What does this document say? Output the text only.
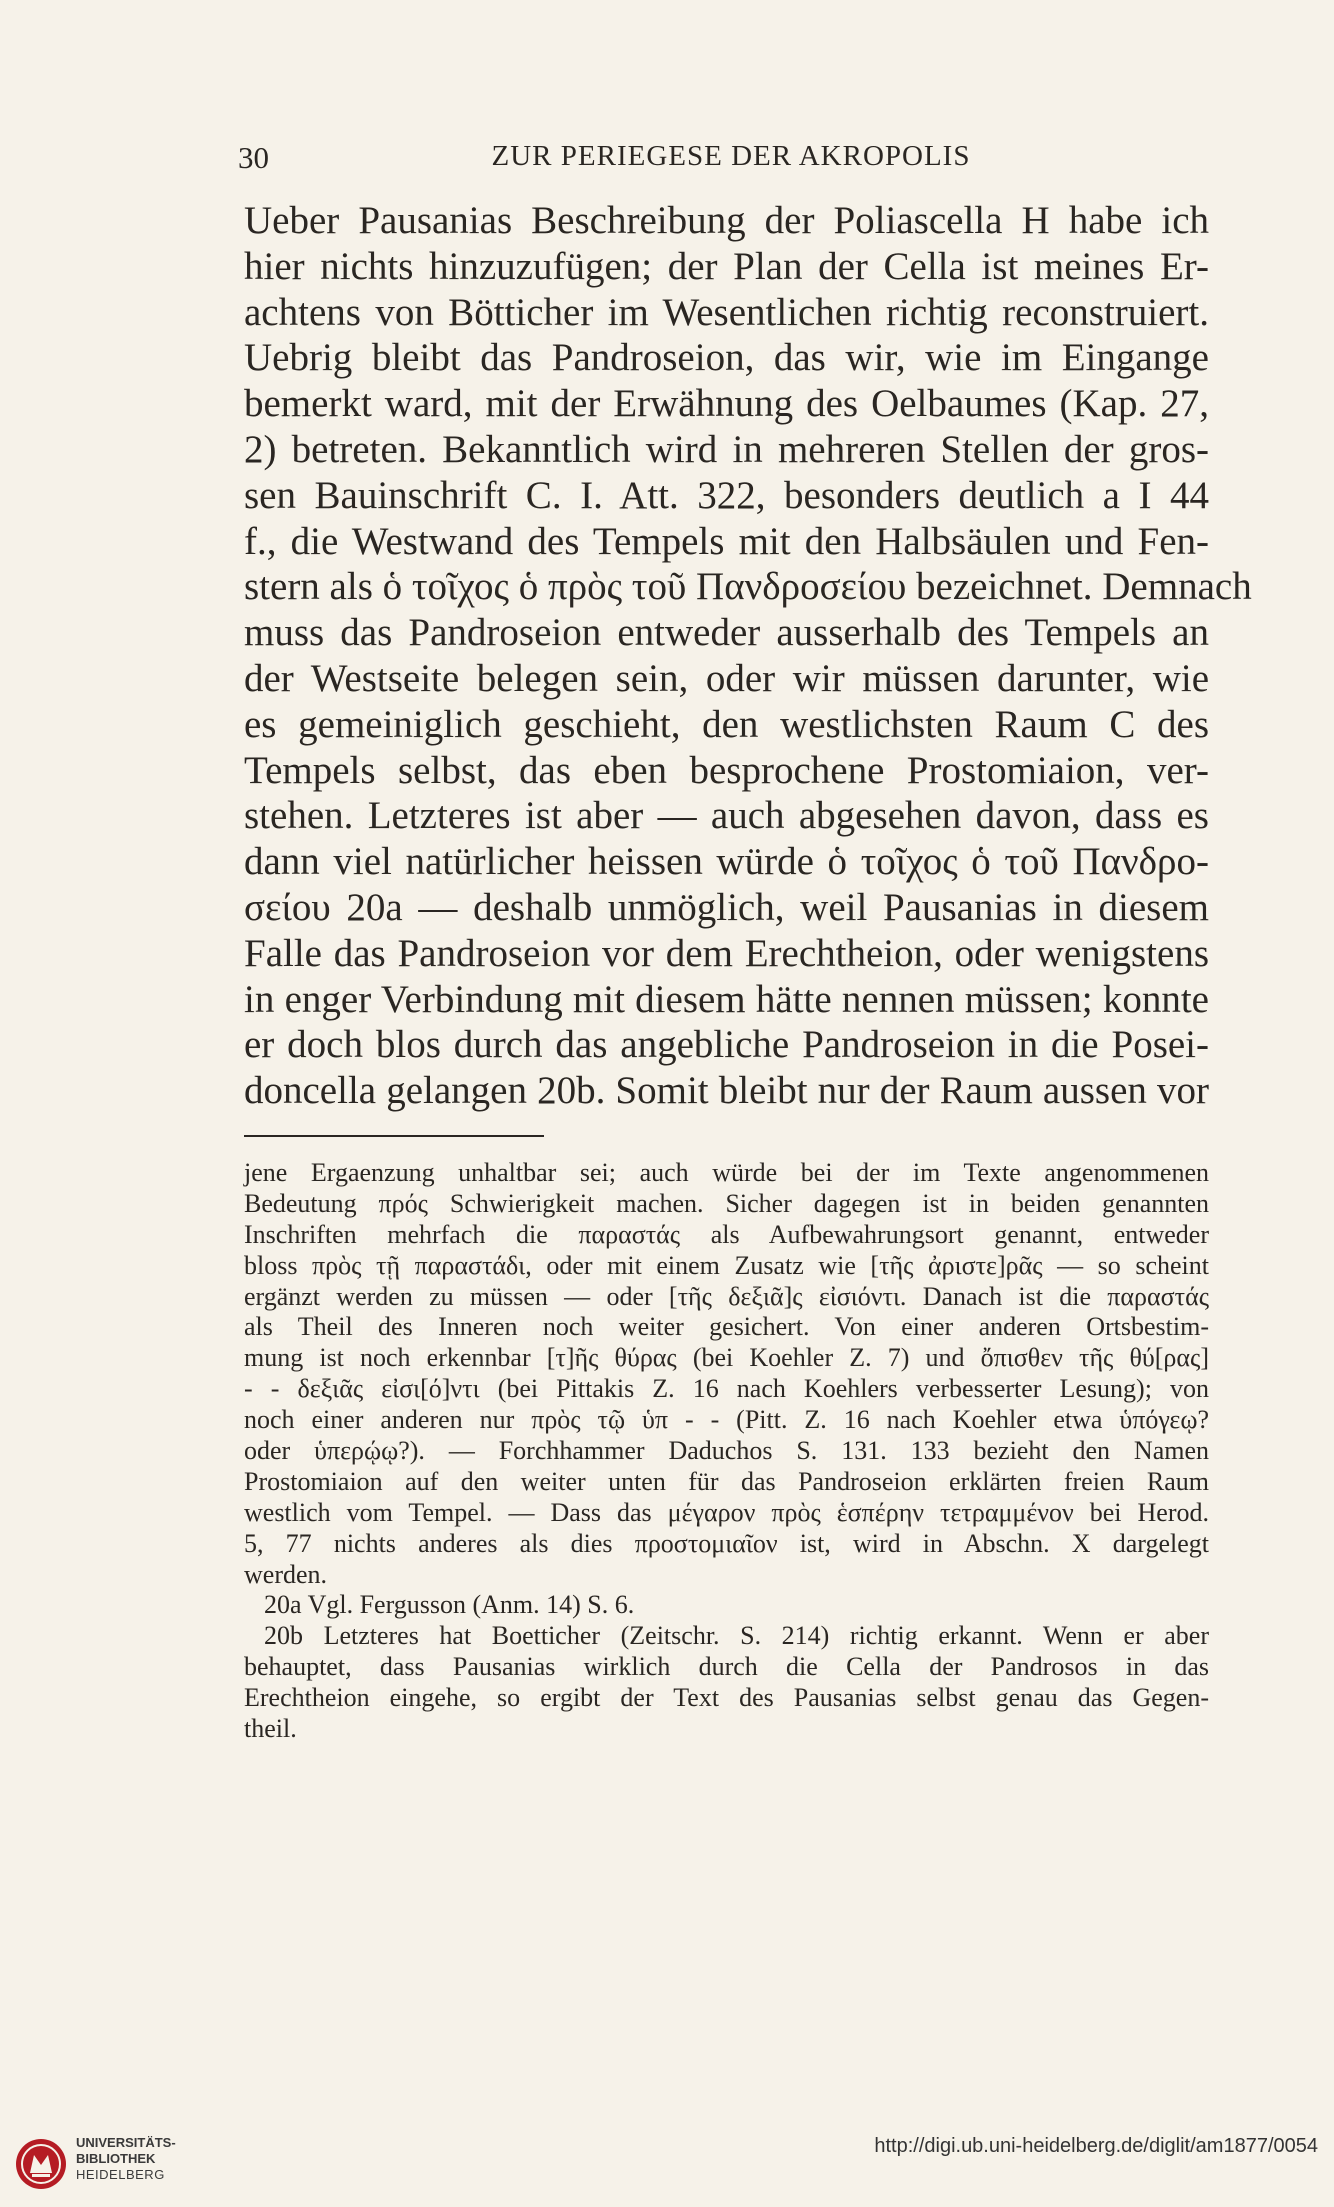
30	ZUR PERIEGESE DER AKROPOLIS
Ueber Pausanias Beschreibung der Poliascella H habe ich
hier nichts hinzuzufügen; der Plan der Cella ist meines Er-
achtens von Bötticher im Wesentlichen richtig reconstruiert.
Uebrig bleibt das Pandroseion, das wir, wie im Eingange
bemerkt ward, mit der Erwähnung des Oelbaumes (Kap. 27,
2) betreten. Bekanntlich wird in mehreren Stellen der gros-
sen Bauinschrift C. I. Att. 322, besonders deutlich a I 44
f., die Westwand des Tempels mit den Halbsäulen und Fen-
stern als ὁ τοῖχος ὁ πρὸς τοῦ Πανδροσείου bezeichnet. Demnach
muss das Pandroseion entweder ausserhalb des Tempels an
der Westseite belegen sein, oder wir müssen darunter, wie
es gemeiniglich geschieht, den westlichsten Raum C des
Tempels selbst, das eben besprochene Prostomiaion, ver-
stehen. Letzteres ist aber — auch abgesehen davon, dass es
dann viel natürlicher heissen würde ὁ τοῖχος ὁ τοῦ Πανδρο-
σείου 20a — deshalb unmöglich, weil Pausanias in diesem
Falle das Pandroseion vor dem Erechtheion, oder wenigstens
in enger Verbindung mit diesem hätte nennen müssen; konnte
er doch blos durch das angebliche Pandroseion in die Posei-
doncella gelangen 20b. Somit bleibt nur der Raum aussen vor
jene Ergaenzung unhaltbar sei; auch würde bei der im Texte angenommenen
Bedeutung πρός Schwierigkeit machen. Sicher dagegen ist in beiden genannten
Inschriften mehrfach die παραστάς als Aufbewahrungsort genannt, entweder
bloss πρὸς τῇ παραστάδι, oder mit einem Zusatz wie [τῆς ἀριστε]ρᾶς — so scheint
ergänzt werden zu müssen — oder [τῆς δεξιᾶ]ς εἰσιόντι. Danach ist die παραστάς
als Theil des Inneren noch weiter gesichert. Von einer anderen Ortsbestim-
mung ist noch erkennbar [τ]ῆς θύρας (bei Koehler Z. 7) und ὄπισθεν τῆς θύ[ρας]
- - δεξιᾶς εἰσι[ό]ντι (bei Pittakis Z. 16 nach Koehlers verbesserter Lesung); von
noch einer anderen nur πρὸς τῷ ὑπ - - (Pitt. Z. 16 nach Koehler etwa ὑπόγεῳ?
oder ὑπερῴῳ?). — Forchhammer Daduchos S. 131. 133 bezieht den Namen
Prostomiaion auf den weiter unten für das Pandroseion erklärten freien Raum
westlich vom Tempel. — Dass das μέγαρον πρὸς ἑσπέρην τετραμμένον bei Herod.
5, 77 nichts anderes als dies προστομιαῖον ist, wird in Abschn. X dargelegt
werden.
20a Vgl. Fergusson (Anm. 14) S. 6.
20b Letzteres hat Boetticher (Zeitschr. S. 214) richtig erkannt. Wenn er aber
behauptet, dass Pausanias wirklich durch die Cella der Pandrosos in das
Erechtheion eingehe, so ergibt der Text des Pausanias selbst genau das Gegen-
theil.
UNIVERSITÄTS-
BIBLIOTHEK
HEIDELBERG
http://digi.ub.uni-heidelberg.de/diglit/am1877/0054
